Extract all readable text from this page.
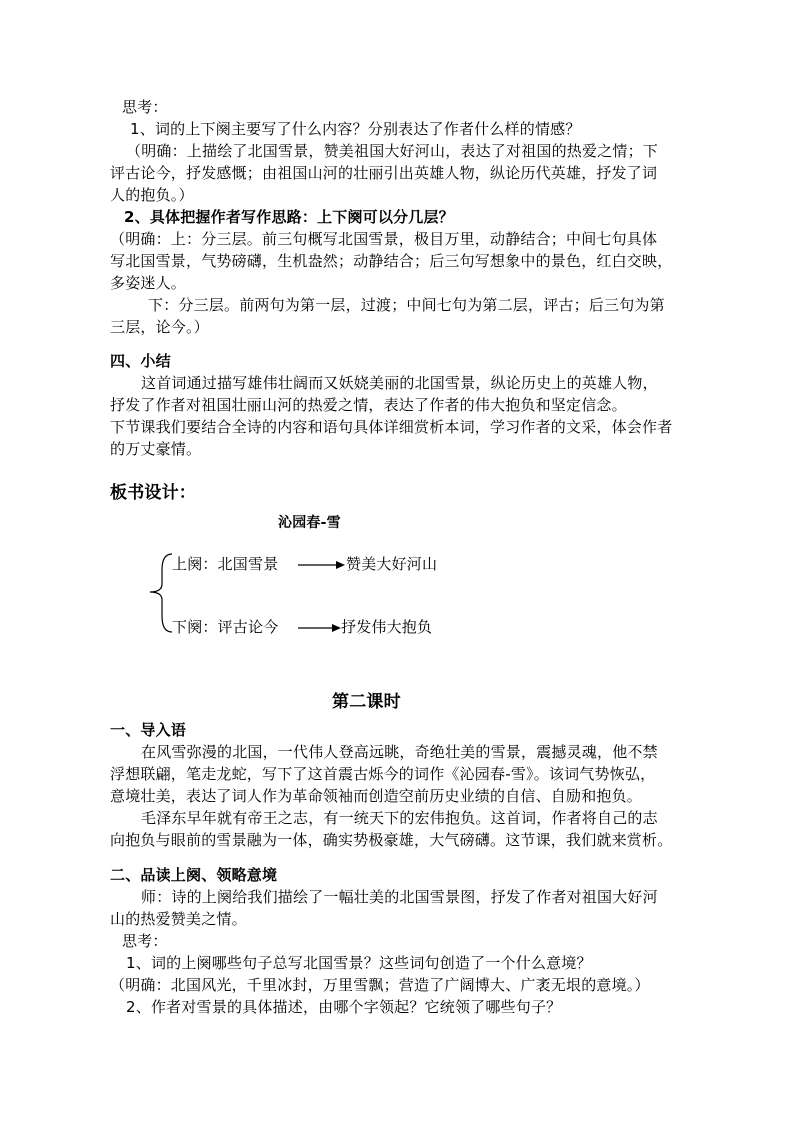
思考：
1、词的上下阕主要写了什么内容？分别表达了作者什么样的情感？
（明确：上描绘了北国雪景，赞美祖国大好河山，表达了对祖国的热爱之情；下
评古论今，抒发感慨；由祖国山河的壮丽引出英雄人物，纵论历代英雄，抒发了词
人的抱负。）
2、具体把握作者写作思路：上下阕可以分几层？
（明确：上：分三层。前三句概写北国雪景，极目万里，动静结合；中间七句具体
写北国雪景，气势磅礴，生机盎然；动静结合；后三句写想象中的景色，红白交映，
多姿迷人。
下：分三层。前两句为第一层，过渡；中间七句为第二层，评古；后三句为第
三层，论今。）
四、小结
这首词通过描写雄伟壮阔而又妖娆美丽的北国雪景，纵论历史上的英雄人物，
抒发了作者对祖国壮丽山河的热爱之情，表达了作者的伟大抱负和坚定信念。
下节课我们要结合全诗的内容和语句具体详细赏析本词，学习作者的文采，体会作者
的万丈豪情。
板书设计：
沁园春-雪
上阕：北国雪景	赞美大好河山
下阕：评古论今	抒发伟大抱负
第二课时
一、导入语
在风雪弥漫的北国，一代伟人登高远眺，奇绝壮美的雪景，震撼灵魂，他不禁
浮想联翩，笔走龙蛇，写下了这首震古烁今的词作《沁园春-雪》。该词气势恢弘，
意境壮美，表达了词人作为革命领袖而创造空前历史业绩的自信、自励和抱负。
毛泽东早年就有帝王之志，有一统天下的宏伟抱负。这首词，作者将自己的志
向抱负与眼前的雪景融为一体，确实势极豪雄，大气磅礴。这节课，我们就来赏析。
二、品读上阕、领略意境
师：诗的上阕给我们描绘了一幅壮美的北国雪景图，抒发了作者对祖国大好河
山的热爱赞美之情。
思考：
1、词的上阕哪些句子总写北国雪景？这些词句创造了一个什么意境？
（明确：北国风光，千里冰封，万里雪飘；营造了广阔博大、广袤无垠的意境。）
2、作者对雪景的具体描述，由哪个字领起？它统领了哪些句子？
